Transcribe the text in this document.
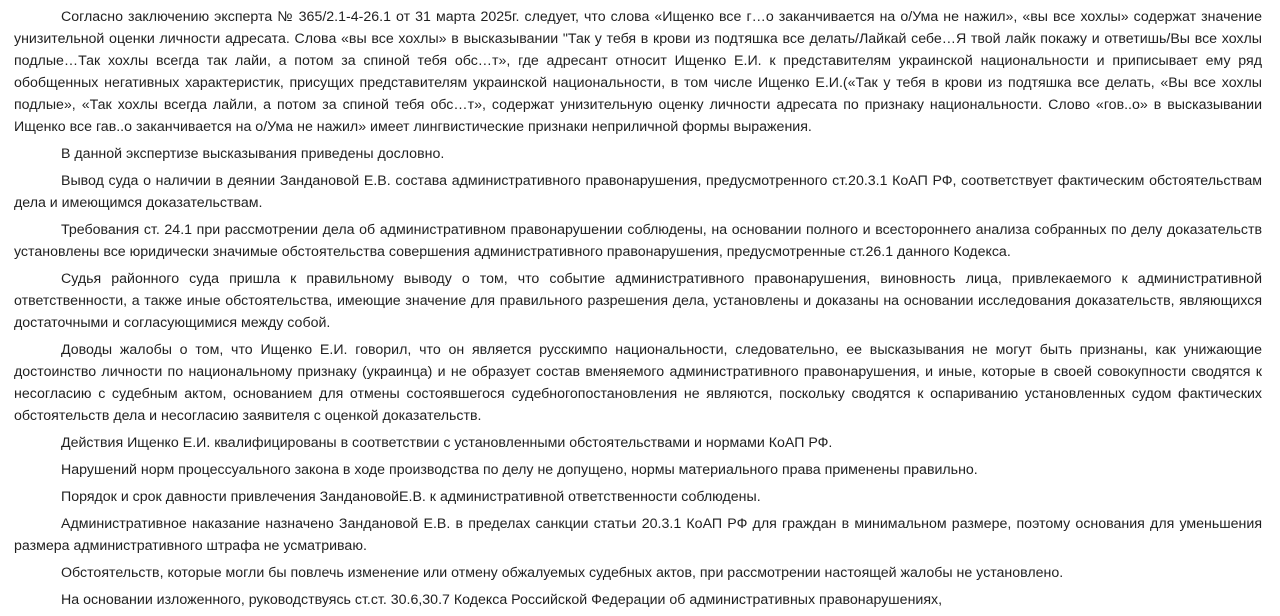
Согласно заключению эксперта № 365/2.1-4-26.1 от 31 марта 2025г. следует, что слова «Ищенко все г…о заканчивается на о/Ума не нажил», «вы все хохлы» содержат значение унизительной оценки личности адресата. Слова «вы все хохлы» в высказывании "Так у тебя в крови из подтяшка все делать/Лайкай себе…Я твой лайк покажу и ответишь/Вы все хохлы подлые…Так хохлы всегда так лайи, а потом за спиной тебя обс…т», где адресант относит Ищенко Е.И. к представителям украинской национальности и приписывает ему ряд обобщенных негативных характеристик, присущих представителям украинской национальности, в том числе Ищенко Е.И.(«Так у тебя в крови из подтяшка все делать, «Вы все хохлы подлые», «Так хохлы всегда лайли, а потом за спиной тебя обс…т», содержат унизительную оценку личности адресата по признаку национальности. Слово «гов..о» в высказывании Ищенко все гав..о заканчивается на о/Ума не нажил» имеет лингвистические признаки неприличной формы выражения.

В данной экспертизе высказывания приведены дословно.

Вывод суда о наличии в деянии Зандановой Е.В. состава административного правонарушения, предусмотренного ст.20.3.1 КоАП РФ, соответствует фактическим обстоятельствам дела и имеющимся доказательствам.

Требования ст. 24.1 при рассмотрении дела об административном правонарушении соблюдены, на основании полного и всестороннего анализа собранных по делу доказательств установлены все юридически значимые обстоятельства совершения административного правонарушения, предусмотренные ст.26.1 данного Кодекса.

Судья районного суда пришла к правильному выводу о том, что событие административного правонарушения, виновность лица, привлекаемого к административной ответственности, а также иные обстоятельства, имеющие значение для правильного разрешения дела, установлены и доказаны на основании исследования доказательств, являющихся достаточными и согласующимися между собой.

Доводы жалобы о том, что Ищенко Е.И. говорил, что он является русскимпо национальности, следовательно, ее высказывания не могут быть признаны, как унижающие достоинство личности по национальному признаку (украинца) и не образует состав вменяемого административного правонарушения, и иные, которые в своей совокупности сводятся к несогласию с судебным актом, основанием для отмены состоявшегося судебногопостановления не являются, поскольку сводятся к оспариванию установленных судом фактических обстоятельств дела и несогласию заявителя с оценкой доказательств.

Действия Ищенко Е.И. квалифицированы в соответствии с установленными обстоятельствами и нормами КоАП РФ.

Нарушений норм процессуального закона в ходе производства по делу не допущено, нормы материального права применены правильно.

Порядок и срок давности привлечения ЗандановойЕ.В. к административной ответственности соблюдены.

Административное наказание назначено Зандановой Е.В. в пределах санкции статьи 20.3.1 КоАП РФ для граждан в минимальном размере, поэтому основания для уменьшения размера административного штрафа не усматриваю.

Обстоятельств, которые могли бы повлечь изменение или отмену обжалуемых судебных актов, при рассмотрении настоящей жалобы не установлено.

На основании изложенного, руководствуясь ст.ст. 30.6,30.7 Кодекса Российской Федерации об административных правонарушениях,
